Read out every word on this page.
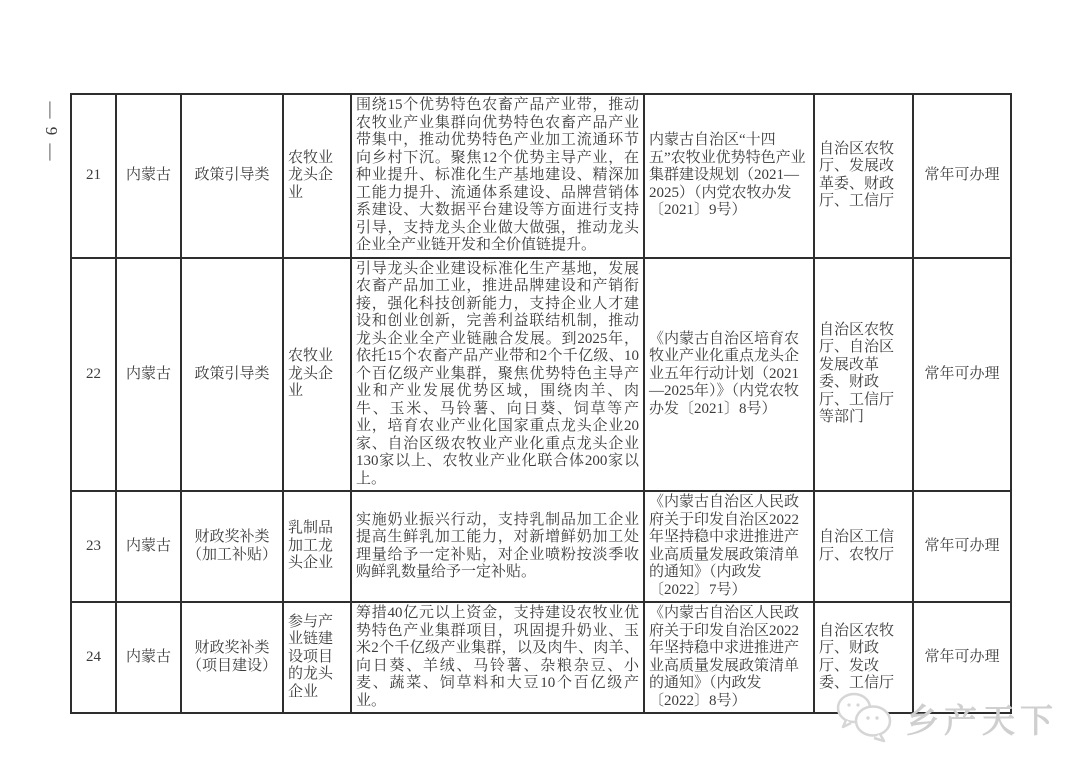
— 9 —
21	内蒙古	政策引导类	农牧业龙头企业	围绕15个优势特色农畜产品产业带，推动农牧业产业集群向优势特色农畜产品产业带集中，推动优势特色产业加工流通环节向乡村下沉。聚焦12个优势主导产业，在种业提升、标准化生产基地建设、精深加工能力提升、流通体系建设、品牌营销体系建设、大数据平台建设等方面进行支持引导，支持龙头企业做大做强，推动龙头企业全产业链开发和全价值链提升。	内蒙古自治区“十四五”农牧业优势特色产业集群建设规划（2021—2025）（内党农牧办发〔2021〕9号）	自治区农牧厅、发展改革委、财政厅、工信厅	常年可办理
22	内蒙古	政策引导类	农牧业龙头企业	引导龙头企业建设标准化生产基地，发展农畜产品加工业，推进品牌建设和产销衔接，强化科技创新能力，支持企业人才建设和创业创新，完善利益联结机制，推动龙头企业全产业链融合发展。到2025年，依托15个农畜产品产业带和2个千亿级、10个百亿级产业集群，聚焦优势特色主导产业和产业发展优势区域，围绕肉羊、肉牛、玉米、马铃薯、向日葵、饲草等产业，培育农业产业化国家重点龙头企业20家、自治区级农牧业产业化重点龙头企业130家以上、农牧业产业化联合体200家以上。	《内蒙古自治区培育农牧业产业化重点龙头企业五年行动计划（2021—2025年）》（内党农牧办发〔2021〕8号）	自治区农牧厅、自治区发展改革委、财政厅、工信厅等部门	常年可办理
23	内蒙古	财政奖补类（加工补贴）	乳制品加工龙头企业	实施奶业振兴行动，支持乳制品加工企业提高生鲜乳加工能力，对新增鲜奶加工处理量给予一定补贴，对企业喷粉按淡季收购鲜乳数量给予一定补贴。	《内蒙古自治区人民政府关于印发自治区2022年坚持稳中求进推进产业高质量发展政策清单的通知》（内政发〔2022〕7号）	自治区工信厅、农牧厅	常年可办理
24	内蒙古	财政奖补类（项目建设）	参与产业链建设项目的龙头企业	筹措40亿元以上资金，支持建设农牧业优势特色产业集群项目，巩固提升奶业、玉米2个千亿级产业集群，以及肉牛、肉羊、向日葵、羊绒、马铃薯、杂粮杂豆、小麦、蔬菜、饲草料和大豆10个百亿级产业。	《内蒙古自治区人民政府关于印发自治区2022年坚持稳中求进推进产业高质量发展政策清单的通知》（内政发〔2022〕8号）	自治区农牧厅、财政厅、发改委、工信厅	常年可办理
乡产天下
